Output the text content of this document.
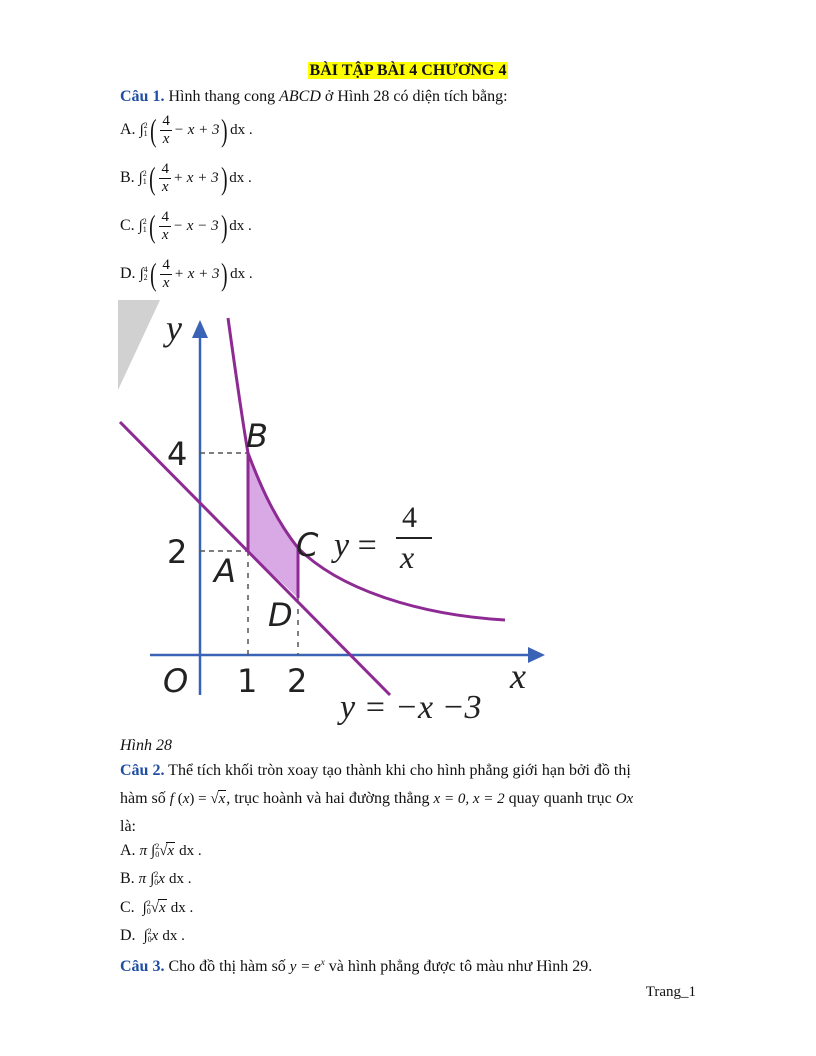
BÀI TẬP BÀI 4 CHƯƠNG 4
Câu 1. Hình thang cong ABCD ở Hình 28 có diện tích bằng:
A. ∫ 2
1 ( $\frac{4}{x} - x + 3$ ) dx .
B. ∫ 2
1 ( $\frac{4}{x} + x + 3$ ) dx .
C. ∫ 2
1 ( $\frac{4}{x} - x - 3$ ) dx .
D. ∫ 4
2 ( $\frac{4}{x} + x + 3$ ) dx .
y
x
O 1 2
4
2
B
A
C
D
y =
4
x
y = −x −3
Hình 28
Câu 2. Thể tích khối tròn xoay tạo thành khi cho hình phẳng giới hạn bởi đồ thị
hàm số f (x) = √x, trục hoành và hai đường thẳng x = 0, x = 2 quay quanh trục Ox
là:
A. π ∫ 2
0 √x dx .
B. π ∫ 2
0 x dx .
C. ∫ 2
0 √x dx .
D. ∫ 2
0 x dx .
Câu 3. Cho đồ thị hàm số $y = e^x$ và hình phẳng được tô màu như Hình 29.
Trang_1
